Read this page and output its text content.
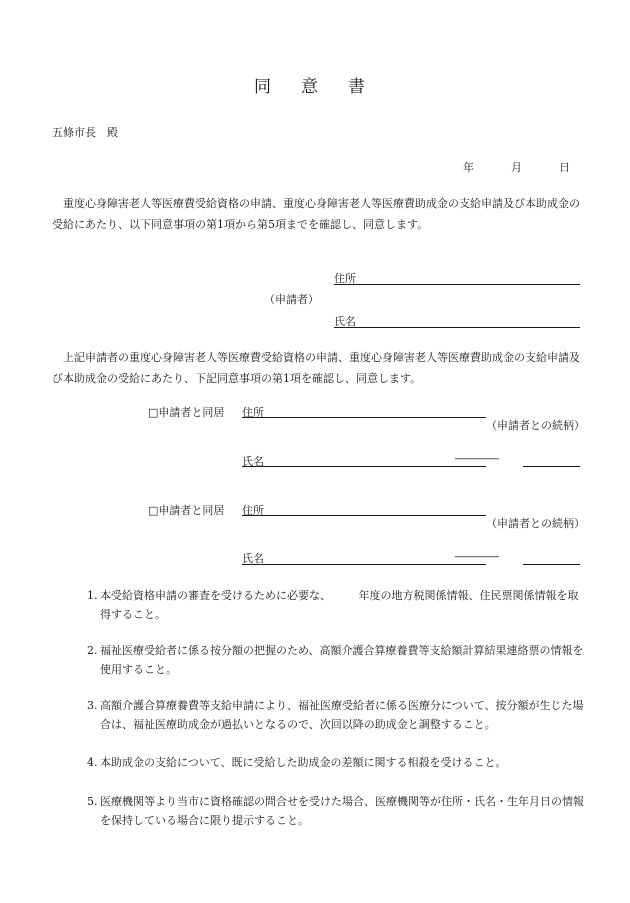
同意書
五條市長　殿
年	月	日
重度心身障害老人等医療費受給資格の申請、重度心身障害老人等医療費助成金の支給申請及び本助成金の受給にあたり、以下同意事項の第1項から第5項までを確認し、同意します。
住所
（申請者）
氏名
上記申請者の重度心身障害老人等医療費受給資格の申請、重度心身障害老人等医療費助成金の支給申請及び本助成金の受給にあたり、下記同意事項の第1項を確認し、同意します。
□申請者と同居 住所
（申請者との続柄）
氏名	――――
□申請者と同居 住所
（申請者との続柄）
氏名	――――
1. 本受給資格申請の審査を受けるために必要な、　　　年度の地方税関係情報、住民票関係情報を取得すること。
2. 福祉医療受給者に係る按分額の把握のため、高額介護合算療養費等支給額計算結果連絡票の情報を使用すること。
3. 高額介護合算療養費等支給申請により、福祉医療受給者に係る医療分について、按分額が生じた場合は、福祉医療助成金が過払いとなるので、次回以降の助成金と調整すること。
4. 本助成金の支給について、既に受給した助成金の差額に関する相殺を受けること。
5. 医療機関等より当市に資格確認の問合せを受けた場合、医療機関等が住所・氏名・生年月日の情報を保持している場合に限り提示すること。
